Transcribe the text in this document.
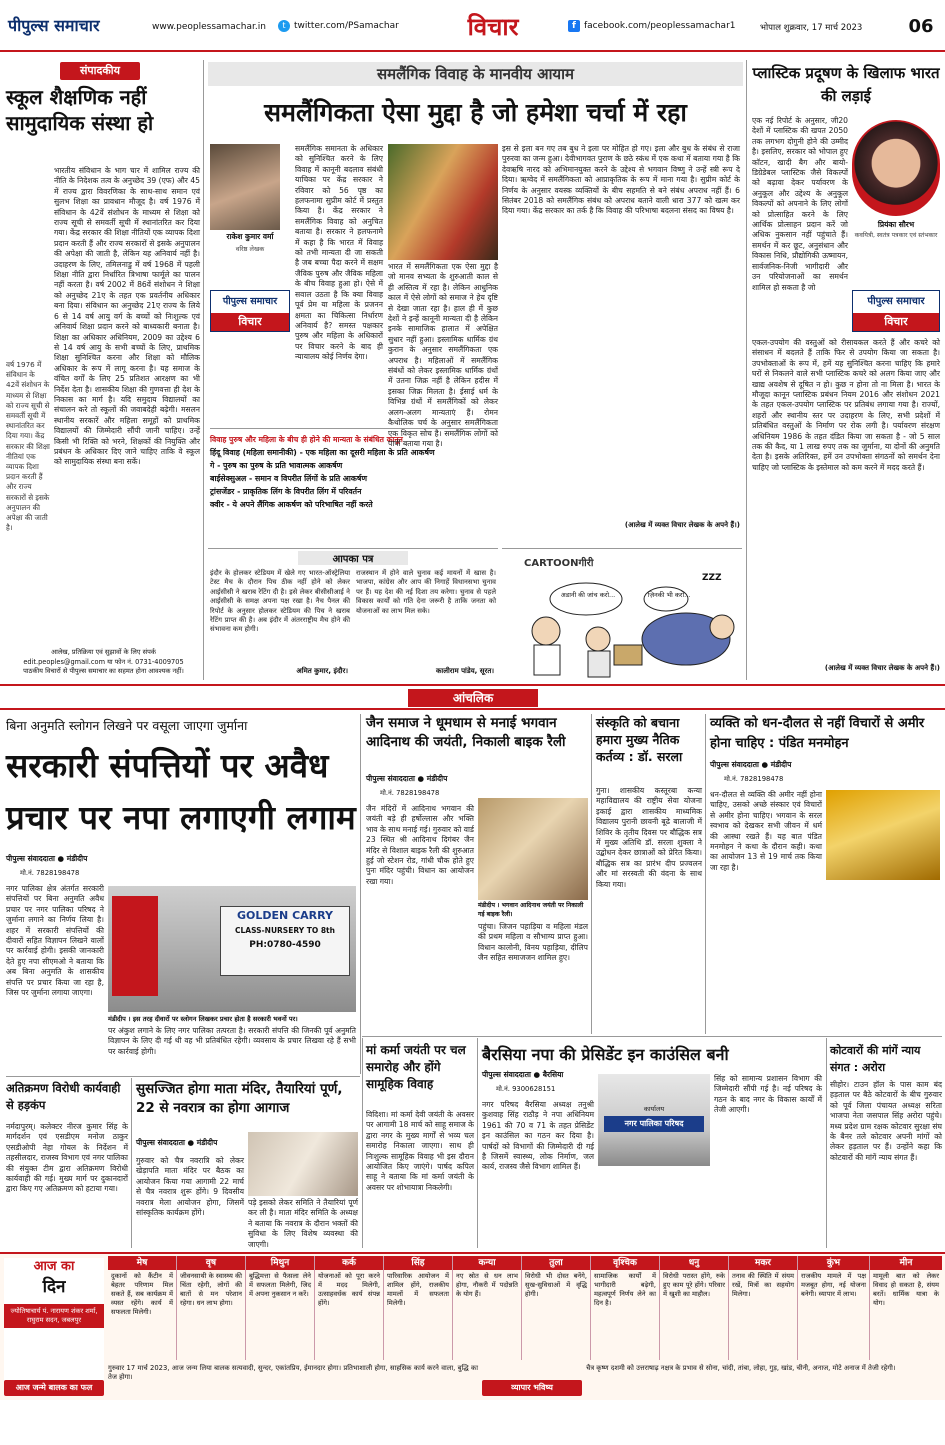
पीपुल्स समाचार	www.peoplessamachar.in	t twitter.com/PSamachar	विचार	f facebook.com/peoplessamachar1	भोपाल शुक्रवार, 17 मार्च 2023	06
संपादकीय
स्कूल शैक्षणिक नहीं सामुदायिक संस्था हो
वर्ष 1976 में संविधान के 42वें संशोधन के माध्यम से शिक्षा को राज्य सूची से समवर्ती सूची में स्थानांतरित कर दिया गया। केंद्र सरकार की शिक्षा नीतियां एक व्यापक दिशा प्रदान करती हैं और राज्य सरकारों से इसके अनुपालन की अपेक्षा की जाती है।
भारतीय संविधान के भाग चार में शामिल राज्य की नीति के निदेशक तत्व के अनुच्छेद 39 (एफ) और 45 में राज्य द्वारा विवरणिका के साथ-साथ समान एवं सुलभ शिक्षा का प्रावधान मौजूद है। वर्ष 1976 में संविधान के 42वें संशोधन के माध्यम से शिक्षा को राज्य सूची से समवर्ती सूची में स्थानांतरित कर दिया गया। केंद्र सरकार की शिक्षा नीतियों एक व्यापक दिशा प्रदान करती हैं और राज्य सरकारों से इसके अनुपालन की अपेक्षा की जाती है, लेकिन यह अनिवार्य नहीं है। उदाहरण के लिए, तमिलनाडु में वर्ष 1968 में पहली शिक्षा नीति द्वारा निर्धारित त्रिभाषा फार्मूले का पालन नहीं करता है। वर्ष 2002 में 86वें संशोधन ने शिक्षा को अनुच्छेद 21ए के तहत एक प्रवर्तनीय अधिकार बना दिया। संविधान का अनुच्छेद 21ए राज्य के लिये 6 से 14 वर्ष आयु वर्ग के बच्चों को निःशुल्क एवं अनिवार्य शिक्षा प्रदान करने को बाध्यकारी बनाता है। शिक्षा का अधिकार अधिनियम, 2009 का उद्देश्य 6 से 14 वर्ष आयु के सभी बच्चों के लिए, प्राथमिक शिक्षा सुनिश्चित करना और शिक्षा को मौलिक अधिकार के रूप में लागू करना है। यह समाज के वंचित वर्गों के लिए 25 प्रतिशत आरक्षण का भी निर्देश देता है। शासकीय शिक्षा की गुणवत्ता ही देश के निकास का मार्ग है। यदि समुदाय विद्यालयों का संचालन करे तो स्कूलों की जवाबदेही बढ़ेगी। मसलन स्थानीय सरकारें और महिला समूहों को प्राथमिक विद्यालयों की जिम्मेदारी सौंपी जानी चाहिए। उन्हें किसी भी रिक्ति को भरने, शिक्षकों की नियुक्ति और प्रबंधन के अधिकार दिए जाने चाहिए ताकि वे स्कूल को सामुदायिक संस्था बना सकें।
आलेख, प्रतिक्रिया एवं सुझावों के लिए संपर्क
edit.peoples@gmail.com या फोन नं. 0731-4009705
पाठकीय विचारों से पीपुल्स समाचार का सहमत होना आवश्यक नहीं।
समलैंगिक विवाह के मानवीय आयाम
समलैंगिकता ऐसा मुद्दा है जो हमेशा चर्चा में रहा
राकेश कुमार वर्मा
वरिष्ठ लेखक
पीपुल्स समाचार
विचार
समलैंगिक समानता के अधिकार को सुनिश्चित करने के लिए विवाह में कानूनी बदलाव संबंधी याचिका पर केंद्र सरकार ने रविवार को 56 पृष्ठ का हलफनामा सुप्रीम कोर्ट में प्रस्तुत किया है। केंद्र सरकार ने समलैंगिक विवाह को अनुचित बताया है। सरकार ने हलफनामे में कहा है कि भारत में विवाह को तभी मान्यता दी जा सकती है जब बच्चा पैदा करने में सक्षम जैविक पुरुष और जैविक महिला के बीच विवाह हुआ हो। ऐसे में सवाल उठता है कि क्या विवाह पूर्व प्रेम या महिला के प्रजनन क्षमता का चिकित्सा निर्धारण अनिवार्य है? समस्त पक्षकार पुरुष और महिला के अधिकारों पर विचार करने के बाद ही न्यायालय कोई निर्णय देगा।
विवाह पुरुष और महिला के बीच ही होने की मान्यता के संबंधित कानून
हिंदू विवाह (महिला समानीकी) - एक महिला का दूसरी महिला के प्रति आकर्षण
गे - पुरुष का पुरुष के प्रति भावात्मक आकर्षण
बाईसेक्सुअल - समान व विपरीत लिंगों के प्रति आकर्षण
ट्रांसजेंडर - प्राकृतिक लिंग के विपरीत लिंग में परिवर्तन
क्वीर - ये अपने लैंगिक आकर्षण को परिभाषित नहीं करते
भारत में समलैंगिकता एक ऐसा मुद्दा है जो मानव सभ्यता के शुरुआती काल से ही अस्तित्व में रहा है। लेकिन आधुनिक काल में ऐसे लोगों को समाज ने हेय दृष्टि से देखा जाता रहा है। हाल ही में कुछ देशों ने इन्हें कानूनी मान्यता दी है लेकिन इनके सामाजिक हालात में अपेक्षित सुधार नहीं हुआ। इस्लामिक धार्मिक ग्रंथ कुरान के अनुसार समलैंगिकता एक अपराध है। महिलाओं में समलैंगिक संबंधों को लेकर इस्लामिक धार्मिक ग्रंथों में उतना जिक्र नहीं है लेकिन हदीस में इसका जिक्र मिलता है। ईसाई धर्म के विभिन्न ग्रंथों में समलैंगिकों को लेकर अलग-अलग मान्यताएं हैं। रोमन कैथोलिक चर्च के अनुसार समलैंगिकता एक विकृत सोच है। समलैंगिक लोगों को पापी बताया गया है।
इस से इला बन गए तब बुध ने इला पर मोहित हो गए। इला और बुध के संबंध से राजा पुरुरवा का जन्म हुआ। देवीभागवत पुराण के छठे स्कंध में एक कथा में बताया गया है कि देवऋषि नारद को अभिमानयुक्त करने के उद्देश्य से भगवान विष्णु ने उन्हें स्त्री रूप दे दिया। ऋग्वेद में समलैंगिकता को आप्राकृतिक के रूप में माना गया है। सुप्रीम कोर्ट के निर्णय के अनुसार वयस्क व्यक्तियों के बीच सहमति से बने संबंध अपराध नहीं हैं। 6 सितंबर 2018 को समलैंगिक संबंध को अपराध बताने वाली धारा 377 को खत्म कर दिया गया। केंद्र सरकार का तर्क है कि विवाह की परिभाषा बदलना संसद का विषय है।
(आलेख में व्यक्त विचार लेखक के अपने हैं।)
आपका पत्र
इंदौर के होलकर स्टेडियम में खेले गए भारत-ऑस्ट्रेलिया टेस्ट मैच के दौरान पिच ठीक नहीं होने को लेकर आईसीसी ने खराब रेटिंग दी है। इसे लेकर बीसीसीआई ने आईसीसी के समक्ष अपना पक्ष रखा है। नैच पैनल की रिपोर्ट के अनुसार होलकर स्टेडियम की पिच ने खराब रेटिंग प्राप्त की है। अब इंदौर में अंतरराष्ट्रीय मैच होने की संभावना कम होगी।
अमित कुमार, इंदौर।
राजस्थान में होने वाले चुनाव कई मायनों में खास है। भाजपा, कांग्रेस और आप की निगाहें विधानसभा चुनाव पर हैं। यह देश की नई दिशा तय करेगा। चुनाव से पहले विकास कार्यों को गति देना जरूरी है ताकि जनता को योजनाओं का लाभ मिल सके।
कालीराम पांडेय, सूरत।
CARTOONगीरी
अडानी की जांच करो...	ज़िनकी भी करो...
ZZZ
प्लास्टिक प्रदूषण के खिलाफ भारत की लड़ाई
एक नई रिपोर्ट के अनुसार, जी20 देशों में प्लास्टिक की खपत 2050 तक लगभग दोगुनी होने की उम्मीद है। इसलिए, सरकार को भोपाल हुए कॉटन, खादी बैग और बायो-डिग्रेडेबल प्लास्टिक जैसे विकल्पों को बढ़ावा देकर पर्यावरण के अनुकूल और उद्देश्य के अनुकूल विकल्पों को अपनाने के लिए लोगों को प्रोत्साहित करने के लिए आर्थिक प्रोत्साहन प्रदान करें जो अधिक नुकसान नहीं पहुंचाते हैं। समर्थन में कर छूट, अनुसंधान और विकास निधि, प्रौद्योगिकी ऊष्मायन, सार्वजनिक-निजी भागीदारी और उन परियोजनाओं का समर्थन शामिल हो सकता है जो
प्रियंका सौरभ
कवयित्री, स्वतंत्र पत्रकार एवं स्तंभकार
पीपुल्स समाचार
विचार
एकल-उपयोग की वस्तुओं को रीसायकल करते हैं और कचरे को संसाधन में बदलते हैं ताकि फिर से उपयोग किया जा सकता है। उपभोक्ताओं के रूप में, हमें यह सुनिश्चित करना चाहिए कि हमारे घरों से निकलने वाले सभी प्लास्टिक कचरे को अलग किया जाए और खाद्य अवशेष से दूषित न हो। कुछ न होना तो ना मिला है। भारत के मौजूदा कानून प्लास्टिक प्रबंधन नियम 2016 और संशोधन 2021 के तहत एकल-उपयोग प्लास्टिक पर प्रतिबंध लगाया गया है। राज्यों, शहरों और स्थानीय स्तर पर उदाहरण के लिए, सभी प्रदेशों में प्रतिबंधित वस्तुओं के निर्माण पर रोक लगी है। पर्यावरण संरक्षण अधिनियम 1986 के तहत दंडित किया जा सकता है - जो 5 साल तक की कैद, या 1 लाख रुपए तक का जुर्माना, या दोनों की अनुमति देता है। इसके अतिरिक्त, हमें उन उपभोक्ता संगठनों को समर्थन देना चाहिए जो प्लास्टिक के इस्तेमाल को कम करने में मदद करते हैं।
(आलेख में व्यक्त विचार लेखक के अपने हैं।)
आंचलिक
बिना अनुमति स्लोगन लिखने पर वसूला जाएगा जुर्माना
सरकारी संपत्तियों पर अवैध प्रचार पर नपा लगाएगी लगाम
पीपुल्स संवाददाता ● मंडीदीप
मो.नं. 7828198478
नगर पालिका क्षेत्र अंतर्गत सरकारी संपत्तियों पर बिना अनुमति अवैध प्रचार पर नगर पालिका परिषद ने जुर्माना लगाने का निर्णय लिया है। शहर में सरकारी संपत्तियों की दीवारों सहित विज्ञापन लिखने वालों पर कार्रवाई होगी। इसकी जानकारी देते हुए नपा सीएमओ ने बताया कि अब बिना अनुमति के शासकीय संपत्ति पर प्रचार किया जा रहा है, जिस पर जुर्माना लगाया जाएगा।
GOLDEN CARRY
CLASS-NURSERY TO 8th
PH:0780-4590
मंडीदीप । इस तरह दीवारों पर स्लोगन लिखकर प्रचार होता है सरकारी भवनों पर।
पर अंकुश लगाने के लिए नगर पालिका तत्परता है। सरकारी संपत्ति की जिनकी पूर्व अनुमति विज्ञापन के लिए दी गई थी वह भी प्रतिबंधित रहेगी। व्यवसाय के प्रचार लिखवा रहे हैं सभी पर कार्रवाई होगी।
जैन समाज ने धूमधाम से मनाई भगवान आदिनाथ की जयंती, निकाली बाइक रैली
पीपुल्स संवाददाता ● मंडीदीप
मो.नं. 7828198478
जैन मंदिरों में आदिनाथ भगवान की जयंती बड़े ही हर्षोल्लास और भक्ति भाव के साथ मनाई गई। गुरुवार को वार्ड 23 स्थित श्री आदिनाथ दिगंबर जैन मंदिर से विशाल बाइक रैली की शुरुआत हुई जो स्टेशन रोड, गांधी चौक होते हुए पुनः मंदिर पहुंची। विधान का आयोजन रखा गया।
मंडीदीप । भगवान आदिनाथ जयंती पर निकाली गई बाइक रैली।
पहुंचा। जिजन पहाड़िया व महिला मंडल की प्रथम महिला व सौभाग्य प्राप्त हुआ। विधान कालोनी, विनय पहाड़िया, दीलिप जैन सहित समाजजन शामिल हुए।
संस्कृति को बचाना हमारा मुख्य नैतिक कर्तव्य : डॉ. सरला
गुना। शासकीय कस्तूरबा कन्या महाविद्यालय की राष्ट्रीय सेवा योजना इकाई द्वारा शासकीय माध्यमिक विद्यालय पुरानी छावनी बूढे बालाजी में शिविर के तृतीय दिवस पर बौद्धिक सत्र में मुख्य अतिथि डॉ. सरला शुक्ला ने उद्बोधन देकर छात्राओं को प्रेरित किया। बौद्धिक सत्र का प्रारंभ दीप प्रज्वलन और मां सरस्वती की वंदना के साथ किया गया।
व्यक्ति को धन-दौलत से नहीं विचारों से अमीर होना चाहिए : पंडित मनमोहन
पीपुल्स संवाददाता ● मंडीदीप
मो.नं. 7828198478
धन-दौलत से व्यक्ति की अमीर नहीं होना चाहिए, उसको अच्छे संस्कार एवं विचारों से अमीर होना चाहिए। भगवान के सरल स्वभाव को देखकर सभी जीवन में धर्म की आस्था रखते हैं। यह बात पंडित मनमोहन ने कथा के दौरान कही। कथा का आयोजन 13 से 19 मार्च तक किया जा रहा है।
अतिक्रमण विरोधी कार्यवाही से हड़कंप
नर्मदापुरम्। कलेक्टर नीरज कुमार सिंह के मार्गदर्शन एवं एसडीएम मनोज ठाकुर एसडीओपी नेहा गोयल के निर्देशन में तहसीलदार, राजस्व विभाग एवं नगर पालिका की संयुक्त टीम द्वारा अतिक्रमण विरोधी कार्यवाही की गई। मुख्य मार्ग पर दुकानदारों द्वारा किए गए अतिक्रमण को हटाया गया।
सुसज्जित होगा माता मंदिर, तैयारियां पूर्ण, 22 से नवरात्र का होगा आगाज
पीपुल्स संवाददाता ● मंडीदीप
गुरुवार को चैत्र नवरात्रि को लेकर खेड़ापति माता मंदिर पर बैठक का आयोजन किया गया आगामी 22 मार्च से चैत्र नवरात्र शुरू होंगे। 9 दिवसीय नवरात्र मेला आयोजन होगा, जिसमें सांस्कृतिक कार्यक्रम होंगे।
पड़े इसको लेकर समिति ने तैयारियां पूर्ण कर ली है। माता मंदिर समिति के अध्यक्ष ने बताया कि नवरात्र के दौरान भक्तों की सुविधा के लिए विशेष व्यवस्था की जाएगी।
मां कर्मा जयंती पर चल समारोह और होंगे सामूहिक विवाह
विदिशा। मां कर्मा देवी जयंती के अवसर पर आगामी 18 मार्च को साहू समाज के द्वारा नगर के मुख्य मार्गों से भव्य चल समारोह निकाला जाएगा। साथ ही निःशुल्क सामूहिक विवाह भी इस दौरान आयोजित किए जाएंगे। पार्षद कपिल साहू ने बताया कि मां कर्मा जयंती के अवसर पर शोभायात्रा निकलेगी।
बैरसिया नपा की प्रेसिडेंट इन काउंसिल बनी
पीपुल्स संवाददाता ● बैरसिया
मो.नं. 9300628151
नगर परिषद बैरसिया अध्यक्ष तनुश्री कुशवाह सिंह राठौड़ ने नपा अधिनियम 1961 की 70 व 71 के तहत प्रेसिडेंट इन काउंसिल का गठन कर दिया है। पार्षदों को विभागों की जिम्मेदारी दी गई है जिसमें स्वास्थ्य, लोक निर्माण, जल कार्य, राजस्व जैसे विभाग शामिल हैं।
कार्यालय
नगर पालिका परिषद
सिंह को सामान्य प्रशासन विभाग की जिम्मेदारी सौंपी गई है। नई परिषद के गठन के बाद नगर के विकास कार्यों में तेजी आएगी।
कोटवारों की मांगें न्याय संगत : अरोरा
सीहोर। टाउन हॉल के पास काम बंद हड़ताल पर बैठे कोटवारों के बीच गुरुवार को पूर्व जिला पंचायत अध्यक्ष सरिता भाजपा नेता जसपाल सिंह अरोरा पहुंचे। मध्य प्रदेश ग्राम रक्षक कोटवार सुरक्षा संघ के बैनर तले कोटवार अपनी मांगों को लेकर हड़ताल पर हैं। उन्होंने कहा कि कोटवारों की मांगें न्याय संगत हैं।
आज का
दिन
ज्योतिषाचार्य पं. नारायण शंकर शर्मा, राघुराम सदन, जबलपुर
मेष
दुकानों को कैंटीन में बेहतर परिणाम मिल सकते हैं, सब कार्यक्रम में व्यस्त रहेंगे। कार्य में सफलता मिलेगी।
वृष
जीवनसाथी के स्वास्थ्य की चिंता रहेगी, लोगों की बातों से मन परेशान रहेगा। धन लाभ होगा।
मिथुन
बुद्धिमत्ता से फैसला लेने में सफलता मिलेगी, जिद में अपना नुकसान न करें।
कर्क
योजनाओं को पूरा करने में मदद मिलेगी, उत्साहवर्धक कार्य संपन्न होंगे।
सिंह
पारिवारिक आयोजन में शामिल होंगे, राजकीय मामलों में सफलता मिलेगी।
कन्या
नए स्रोत से धन लाभ होगा, नौकरी में पदोन्नति के योग हैं।
तुला
विरोधी भी दोस्त बनेंगे, सुख-सुविधाओं में वृद्धि होगी।
वृश्चिक
सामाजिक कार्यों में भागीदारी बढ़ेगी, महत्वपूर्ण निर्णय लेने का दिन है।
धनु
विरोधी परास्त होंगे, रुके हुए काम पूरे होंगे। परिवार में खुशी का माहौल।
मकर
तनाव की स्थिति में संयम रखें, मित्रों का सहयोग मिलेगा।
कुंभ
राजकीय मामले में पक्ष मजबूत होगा, नई योजना बनेगी। व्यापार में लाभ।
मीन
मामूली बात को लेकर विवाद हो सकता है, संयम बरतें। धार्मिक यात्रा के योग।
आज जन्मे बालक का फल
गुरुवार 17 मार्च 2023, आज जन्म लिया बालक सत्यवादी, सुन्दर, एकांतप्रिय, ईमानदार होगा। प्रतिभाशाली होगा, साहसिक कार्य करने वाला, बुद्धि का तेज होगा।
व्यापार भविष्य
चैत्र कृष्ण दशमी को उत्तराषाढ़ नक्षत्र के प्रभाव से सोना, चांदी, तांबा, लोहा, गुड़, खांड, चीनी, अनाज, मोटे अनाज में तेजी रहेगी।
